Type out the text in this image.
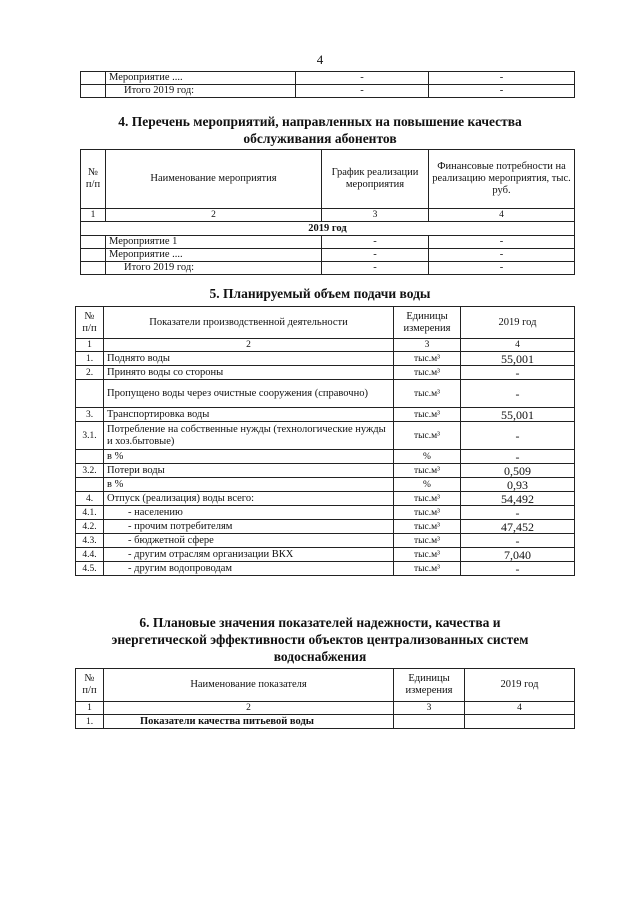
4
	Мероприятие ....	-	-
	Итого 2019 год:	-	-
4. Перечень мероприятий, направленных на повышение качества
обслуживания абонентов
№ п/п	Наименование мероприятия	График реализации мероприятия	Финансовые потребности на реализацию мероприятия, тыс. руб.
1	2	3	4
2019 год			
	Мероприятие 1	-	-
	Мероприятие ....	-	-
	Итого 2019 год:	-	-
5. Планируемый объем подачи воды
№ п/п	Показатели производственной деятельности	Единицы измерения	2019 год
1	2	3	4
1.	Поднято воды	тыс.м³	55,001
2.	Принято воды со стороны	тыс.м³	-
	Пропущено воды через очистные сооружения (справочно)	тыс.м³	-
3.	Транспортировка воды	тыс.м³	55,001
3.1.	Потребление на собственные нужды (технологические нужды и хоз.бытовые)	тыс.м³	-
	в %	%	-
3.2.	Потери воды	тыс.м³	0,509
	в %	%	0,93
4.	Отпуск (реализация) воды всего:	тыс.м³	54,492
4.1.	- населению	тыс.м³	-
4.2.	- прочим потребителям	тыс.м³	47,452
4.3.	- бюджетной сфере	тыс.м³	-
4.4.	- другим отраслям организации ВКХ	тыс.м³	7,040
4.5.	- другим водопроводам	тыс.м³	-
6. Плановые значения показателей надежности, качества и
энергетической эффективности объектов централизованных систем
водоснабжения
№ п/п	Наименование показателя	Единицы измерения	2019 год
1	2	3	4
1.	Показатели качества питьевой воды		
